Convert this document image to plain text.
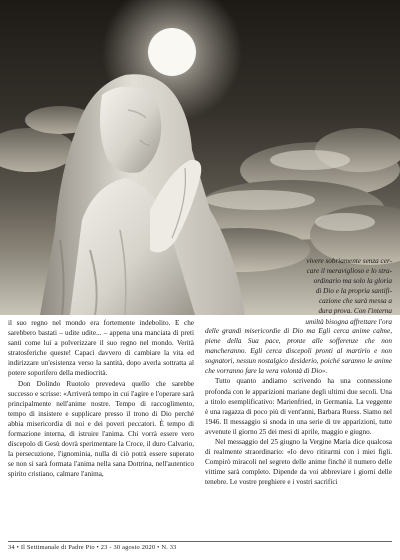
vivere sobriamente senza cer-
care il meraviglioso e lo stra-
ordinario ma solo la gloria
di Dio e la propria santifi-
cazione che sarà messa a
dura prova. Con l'interna
umiltà bisogna affrettare l'ora

il suo regno nel mondo era fortemente indebolito. E che sarebbero bastati – udite udite... – appena una manciata di preti santi come lui a polverizzare il suo regno nel mondo. Verità stratosferiche queste! Capaci davvero di cambiare la vita ed indirizzare un'esistenza verso la santità, dopo averla sottratta al potere soporifero della mediocrità.

Don Dolindo Ruotolo prevedeva quello che sarebbe successo e scrisse: «Arriverà tempo in cui l'agire e l'operare sarà principalmente nell'anime nostre. Tempo di raccoglimento, tempo di insistere e supplicare presso il trono di Dio perché abbia misericordia di noi e dei poveri peccatori. È tempo di formazione interna, di istruire l'anima. Chi vorrà essere vero discepolo di Gesù dovrà sperimentare la Croce, il duro Calvario, la persecuzione, l'ignominia, nulla di ciò potrà essere superato se non si sarà formata l'anima nella sana Dottrina, nell'autentico spirito cristiano, calmare l'anima,

delle grandi misericordie di Dio ma Egli cerca anime calme, piene della Sua pace, pronte alle sofferenze che non mancheranno. Egli cerca discepoli pronti al martirio e non sognatori, nessun nostalgico desiderio, poiché saranno le anime che vorranno fare la vera volontà di Dio».

Tutto quanto andiamo scrivendo ha una connessione profonda con le apparizioni mariane degli ultimi due secoli. Una a titolo esemplificativo: Marienfried, in Germania. La veggente è una ragazza di poco più di vent'anni, Barbara Ruess. Siamo nel 1946. Il messaggio si snoda in una serie di tre apparizioni, tutte avvenute il giorno 25 dei mesi di aprile, maggio e giugno.

Nel messaggio del 25 giugno la Vergine Maria dice qualcosa di realmente straordinario: «Io devo ritirarmi con i miei figli. Compirò miracoli nel segreto delle anime finché il numero delle vittime sarà completo. Dipende da voi abbreviare i giorni delle tenebre. Le vostre preghiere e i vostri sacrifici

34 • Il Settimanale di Padre Pio • 23 - 30 agosto 2020 • N. 33
